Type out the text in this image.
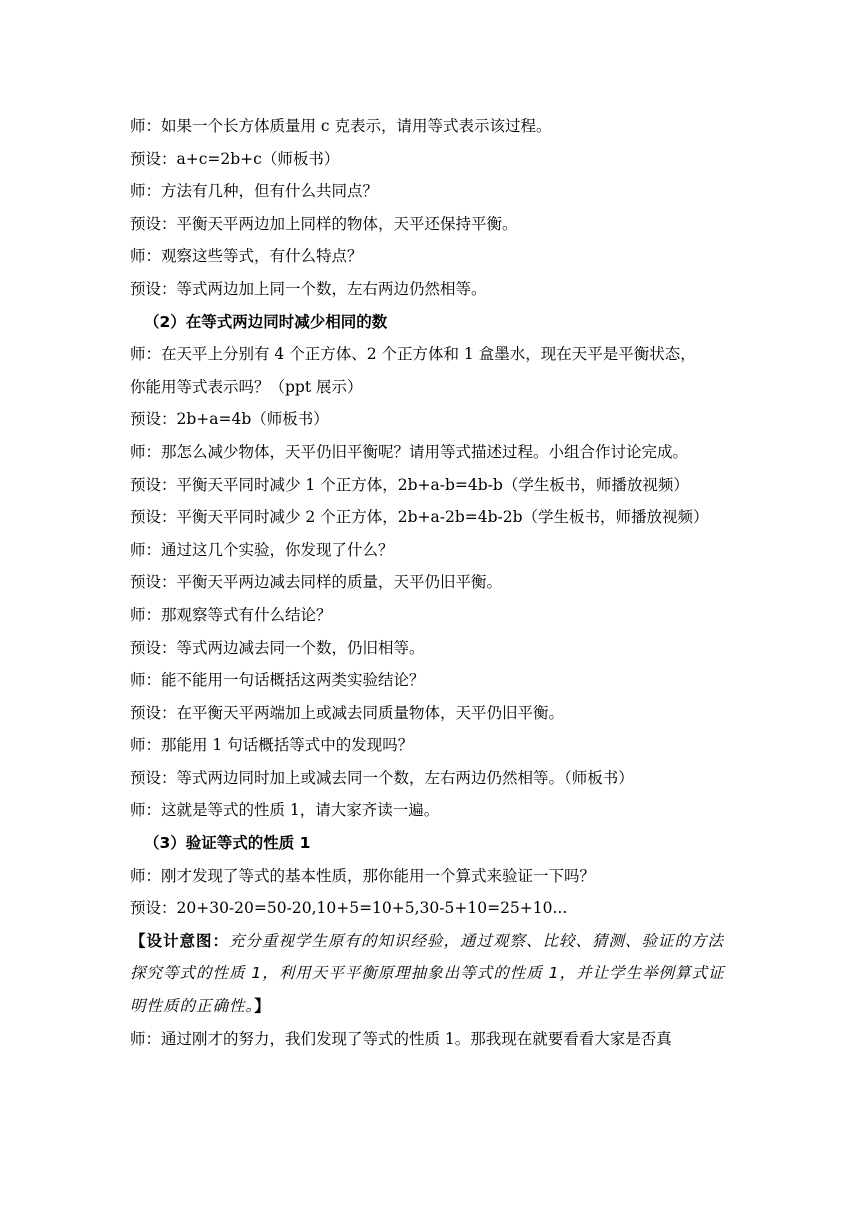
师：如果一个长方体质量用 c 克表示，请用等式表示该过程。
预设：a+c=2b+c（师板书）
师：方法有几种，但有什么共同点？
预设：平衡天平两边加上同样的物体，天平还保持平衡。
师：观察这些等式，有什么特点？
预设：等式两边加上同一个数，左右两边仍然相等。
（2）在等式两边同时减少相同的数
师：在天平上分别有 4 个正方体、2 个正方体和 1 盒墨水，现在天平是平衡状态，
你能用等式表示吗？（ppt 展示）
预设：2b+a=4b（师板书）
师：那怎么减少物体，天平仍旧平衡呢？请用等式描述过程。小组合作讨论完成。
预设：平衡天平同时减少 1 个正方体，2b+a-b=4b-b（学生板书，师播放视频）
预设：平衡天平同时减少 2 个正方体，2b+a-2b=4b-2b（学生板书，师播放视频）
师：通过这几个实验，你发现了什么？
预设：平衡天平两边减去同样的质量，天平仍旧平衡。
师：那观察等式有什么结论？
预设：等式两边减去同一个数，仍旧相等。
师：能不能用一句话概括这两类实验结论？
预设：在平衡天平两端加上或减去同质量物体，天平仍旧平衡。
师：那能用 1 句话概括等式中的发现吗？
预设：等式两边同时加上或减去同一个数，左右两边仍然相等。（师板书）
师：这就是等式的性质 1，请大家齐读一遍。
（3）验证等式的性质 1
师：刚才发现了等式的基本性质，那你能用一个算式来验证一下吗？
预设：20+30-20=50-20,10+5=10+5,30-5+10=25+10...
【设计意图：充分重视学生原有的知识经验，通过观察、比较、猜测、验证的方法探究等式的性质 1，利用天平平衡原理抽象出等式的性质 1，并让学生举例算式证明性质的正确性。】
师：通过刚才的努力，我们发现了等式的性质 1。那我现在就要看看大家是否真
